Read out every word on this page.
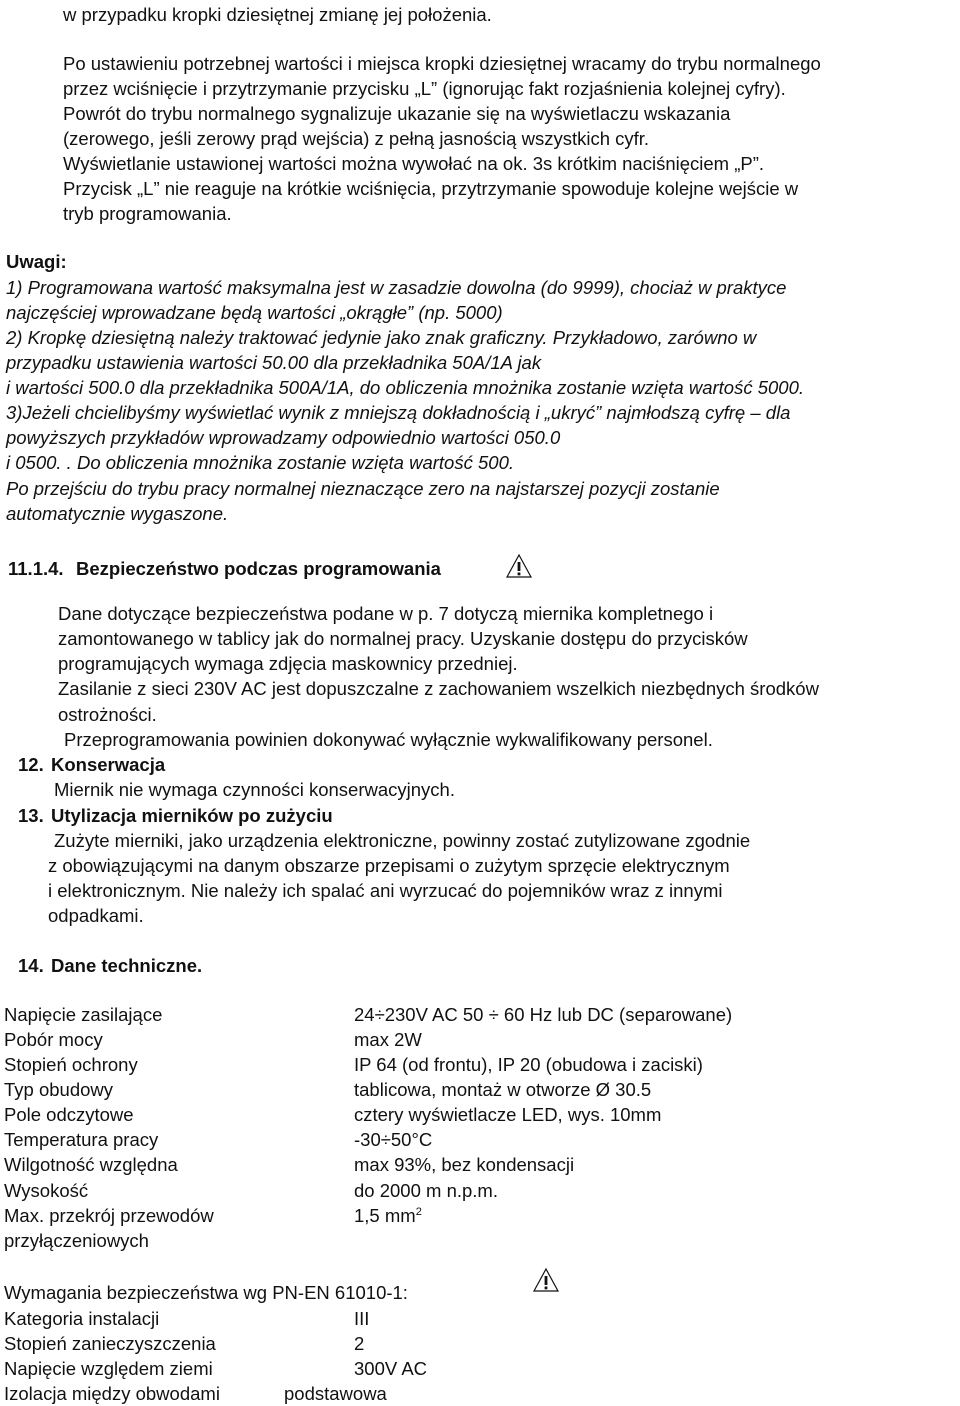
w przypadku kropki dziesiętnej zmianę jej położenia.

Po ustawieniu potrzebnej wartości i miejsca kropki dziesiętnej wracamy do trybu normalnego

przez wciśnięcie i przytrzymanie przycisku „L” (ignorując fakt rozjaśnienia kolejnej cyfry).

Powrót do trybu normalnego sygnalizuje ukazanie się na wyświetlaczu wskazania

(zerowego, jeśli zerowy prąd wejścia) z pełną jasnością wszystkich cyfr.

Wyświetlanie ustawionej wartości można wywołać na ok. 3s krótkim naciśnięciem „P”.

Przycisk „L” nie reaguje na krótkie wciśnięcia, przytrzymanie spowoduje kolejne wejście w

tryb programowania.

Uwagi:

1) Programowana wartość maksymalna jest w zasadzie dowolna (do 9999), chociaż w praktyce

najczęściej wprowadzane będą wartości „okrągłe” (np. 5000)

2) Kropkę dziesiętną należy traktować jedynie jako znak graficzny. Przykładowo, zarówno w

przypadku ustawienia wartości 50.00 dla przekładnika 50A/1A jak

i wartości 500.0 dla przekładnika 500A/1A, do obliczenia mnożnika zostanie wzięta wartość 5000.

3)Jeżeli chcielibyśmy wyświetlać wynik z mniejszą dokładnością i „ukryć” najmłodszą cyfrę – dla

powyższych przykładów wprowadzamy odpowiednio wartości 050.0

i 0500. . Do obliczenia mnożnika zostanie wzięta wartość 500.

Po przejściu do trybu pracy normalnej nieznaczące zero na najstarszej pozycji zostanie

automatycznie wygaszone.

11.1.4. Bezpieczeństwo podczas programowania

Dane dotyczące bezpieczeństwa podane w p. 7 dotyczą miernika kompletnego i

zamontowanego w tablicy jak do normalnej pracy. Uzyskanie dostępu do przycisków

programujących wymaga zdjęcia maskownicy przedniej.

Zasilanie z sieci 230V AC jest dopuszczalne z zachowaniem wszelkich niezbędnych środków

ostrożności.

Przeprogramowania powinien dokonywać wyłącznie wykwalifikowany personel.

12. Konserwacja

Miernik nie wymaga czynności konserwacyjnych.

13. Utylizacja mierników po zużyciu

Zużyte mierniki, jako urządzenia elektroniczne, powinny zostać zutylizowane zgodnie

z obowiązującymi na danym obszarze przepisami o zużytym sprzęcie elektrycznym

i elektronicznym. Nie należy ich spalać ani wyrzucać do pojemników wraz z innymi

odpadkami.

14. Dane techniczne.

Napięcie zasilające	24÷230V AC 50 ÷ 60 Hz lub DC (separowane)
Pobór mocy	max 2W
Stopień ochrony	IP 64 (od frontu), IP 20 (obudowa i zaciski)
Typ obudowy	tablicowa, montaż w otworze Ø 30.5
Pole odczytowe	cztery wyświetlacze LED, wys. 10mm
Temperatura pracy	-30÷50°C
Wilgotność względna	max 93%, bez kondensacji
Wysokość	do 2000 m n.p.m.
Max. przekrój przewodów	1,5 $mm^2$
przyłączeniowych
Wymagania bezpieczeństwa wg PN-EN 61010-1:
Kategoria instalacji	III
Stopień zanieczyszczenia	2
Napięcie względem ziemi	300V AC
Izolacja między obwodami	podstawowa
